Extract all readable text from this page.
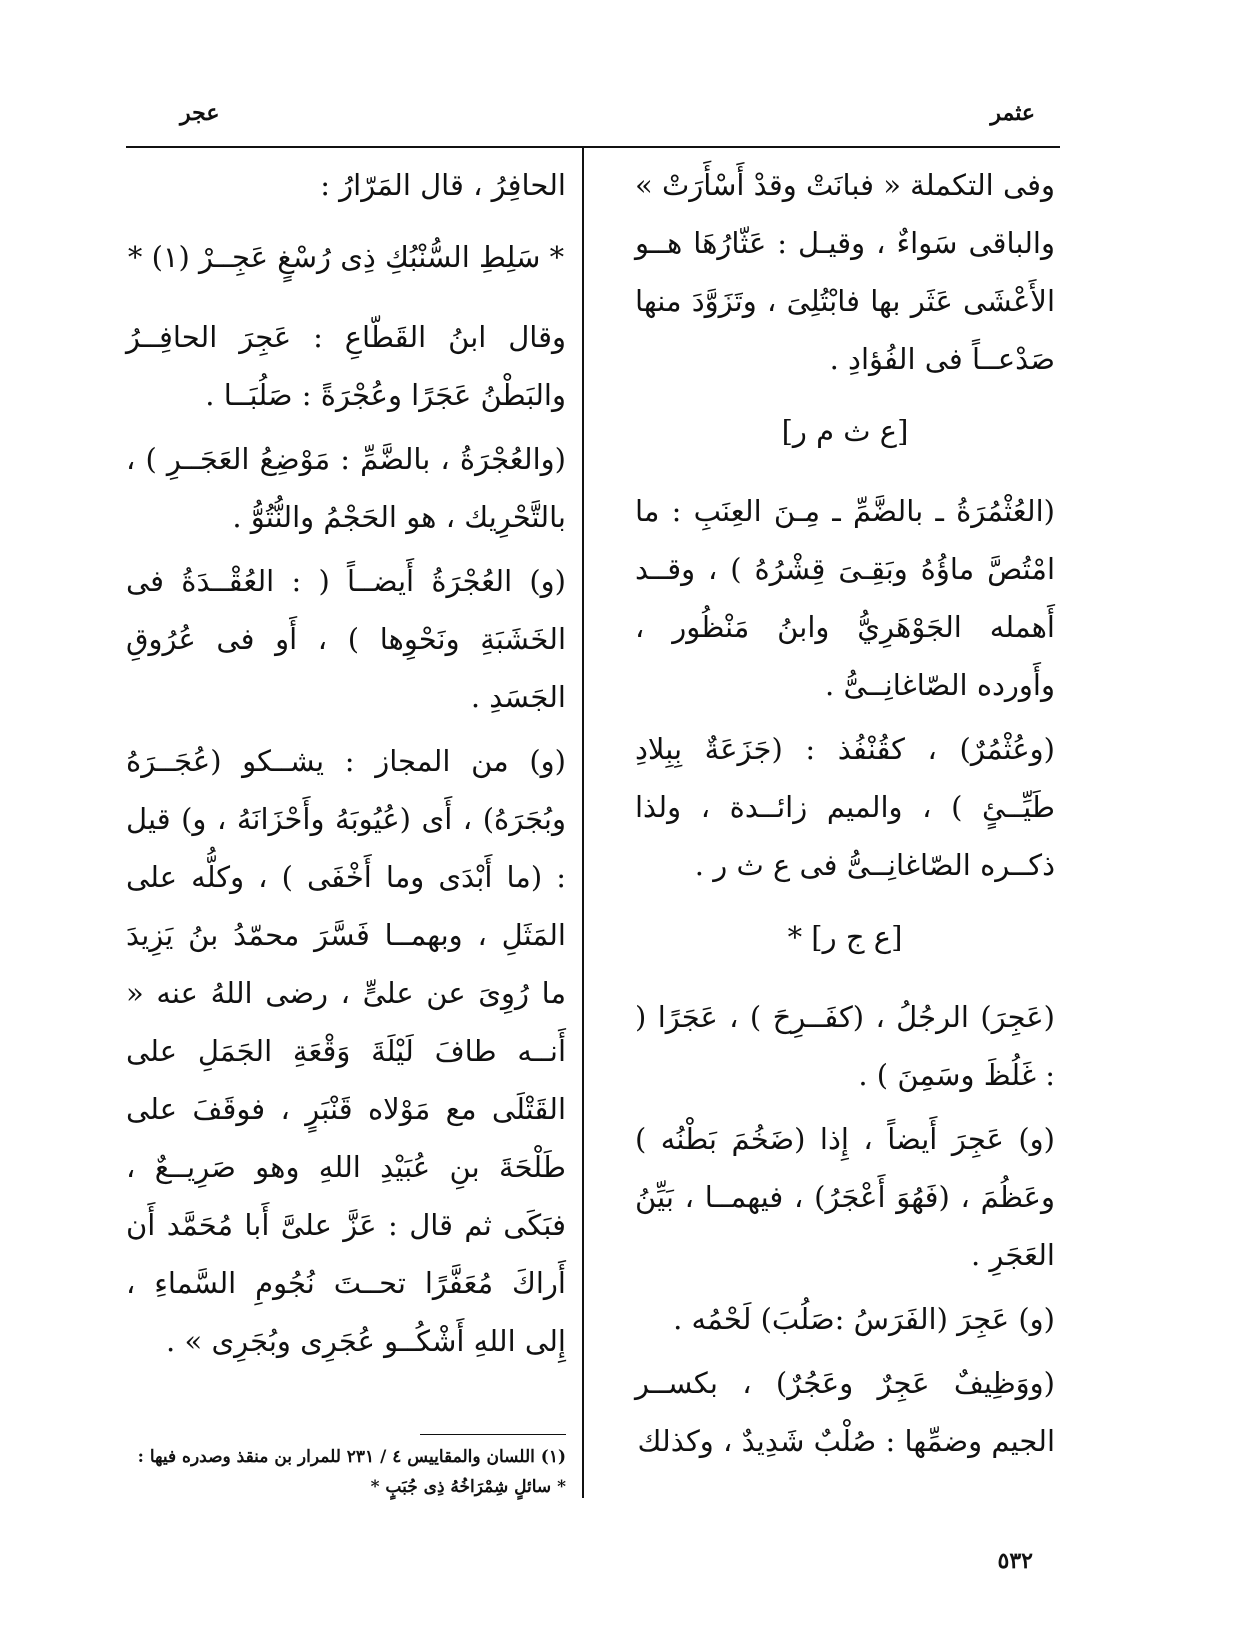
عثمر
عجر

وفى التكملة « فبانَتْ وقدْ أَسْأَرَتْ » والباقى سَواءٌ ، وقيـل : عَثّارُهَا هــو الأَعْشَى عَثَر بها فابْتُلِىَ ، وتَزَوَّدَ منها صَدْعــاً فى الفُؤادِ .

[ع ث م ر]

(العُثْمُرَةُ ـ بالضَّمِّ ـ مِـنَ العِنَبِ : ما امْتُصَّ ماؤُهُ وبَقِـىَ قِشْرُهُ ) ، وقــد أَهمله الجَوْهَرِيُّ وابنُ مَنْظُور ، وأَورده الصّاغانِــىُّ .

(وعُثْمُرٌ) ، كقُنْفُذ : (جَزَعَةٌ بِبِلادِ طَيِّــئٍ ) ، والميم زائــدة ، ولذا ذكــره الصّاغانِــىُّ فى ع ث ر .

[ع ج ر] *

(عَجِرَ) الرجُلُ ، (كفَــرِحَ ) ، عَجَرًا ( : غَلُظَ وسَمِنَ ) .

(و) عَجِرَ أَيضاً ، إِذا (ضَخُمَ بَطْنُه ) وعَظُمَ ، (فَهُوَ أَعْجَرُ) ، فيهمــا ، بَيِّنُ العَجَرِ .

(و) عَجِرَ (الفَرَسُ :صَلُبَ) لَحْمُه .

(ووَظِيفٌ عَجِرٌ وعَجُرٌ) ، بكســر الجيم وضمِّها : صُلْبٌ شَدِيدٌ ، وكذلك

الحافِرُ ، قال المَرّارُ :

* سَلِطِ السُّنْبُكِ ذِى رُسْغٍ عَجِــرْ (١) *

وقال ابنُ القَطّاعِ : عَجِرَ الحافِــرُ والبَطْنُ عَجَرًا وعُجْرَةً : صَلُبَــا .

(والعُجْرَةُ ، بالضَّمِّ : مَوْضِعُ العَجَــرِ ) ، بالتَّحْرِيك ، هو الحَجْمُ والنُّتُوُّ .

(و) العُجْرَةُ أَيضــاً ( : العُقْــدَةُ فى الخَشَبَةِ ونَحْوِها ) ، أَو فى عُرُوقِ الجَسَدِ .

(و) من المجاز : يشــكو (عُجَــرَهُ وبُجَرَهُ) ، أَى (عُيُوبَهُ وأَحْزَانَهُ ، و) قيل : (ما أَبْدَى وما أَخْفَى ) ، وكلُّه على المَثَلِ ، وبهمــا فَسَّرَ محمّدُ بنُ يَزِيدَ ما رُوِىَ عن علىٍّ ، رضى اللهُ عنه « أَنــه طافَ لَيْلَةَ وَقْعَةِ الجَمَلِ على القَتْلَى مع مَوْلاه قَنْبَرٍ ، فوقَفَ على طَلْحَةَ بنِ عُبَيْدِ اللهِ وهو صَرِيــعٌ ، فبَكَى ثم قال : عَزَّ علىَّ أَبا مُحَمَّد أَن أَراكَ مُعَفَّرًا تحــتَ نُجُومِ السَّماءِ ، إِلى اللهِ أَشْكُــو عُجَرِى وبُجَرِى » .

(١) اللسان والمقاييس ٤ / ٢٣١ للمرار بن منقذ وصدره فيها :
* سائلٍ شِمْرَاخُهُ ذِى جُبَبٍ *
٥٣٢
